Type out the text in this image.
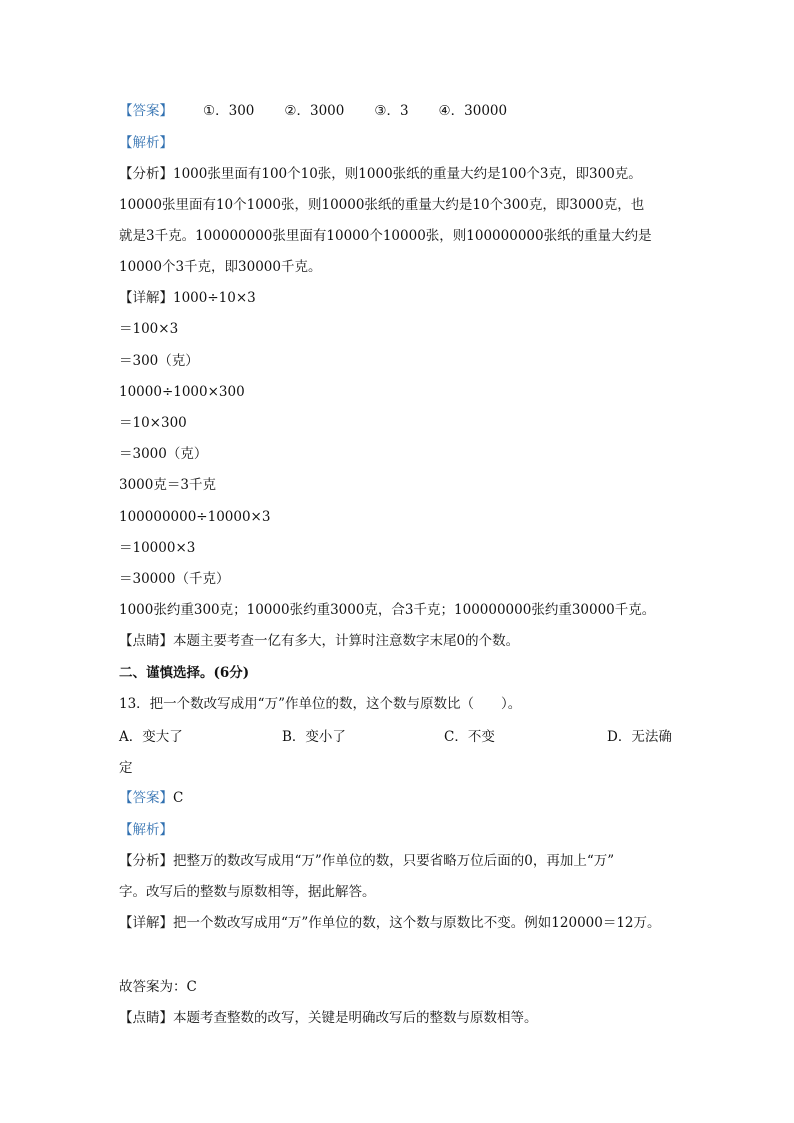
【答案】 ①．300 ②．3000 ③．3 ④．30000
【解析】
【分析】1000张里面有100个10张，则1000张纸的重量大约是100个3克，即300克。
10000张里面有10个1000张，则10000张纸的重量大约是10个300克，即3000克，也
就是3千克。100000000张里面有10000个10000张，则100000000张纸的重量大约是
10000个3千克，即30000千克。
【详解】1000÷10×3
＝100×3
＝300（克）
10000÷1000×300
＝10×300
＝3000（克）
3000克＝3千克
100000000÷10000×3
＝10000×3
＝30000（千克）
1000张约重300克；10000张约重3000克，合3千克；100000000张约重30000千克。
【点睛】本题主要考查一亿有多大，计算时注意数字末尾0的个数。
二、谨慎选择。(6分)
13．把一个数改写成用“万”作单位的数，这个数与原数比（　　）。
A．变大了	B．变小了	C．不变	D．无法确
定
【答案】C
【解析】
【分析】把整万的数改写成用“万”作单位的数，只要省略万位后面的0，再加上“万”
字。改写后的整数与原数相等，据此解答。
【详解】把一个数改写成用“万”作单位的数，这个数与原数比不变。例如120000＝12万。
故答案为：C
【点睛】本题考查整数的改写，关键是明确改写后的整数与原数相等。
